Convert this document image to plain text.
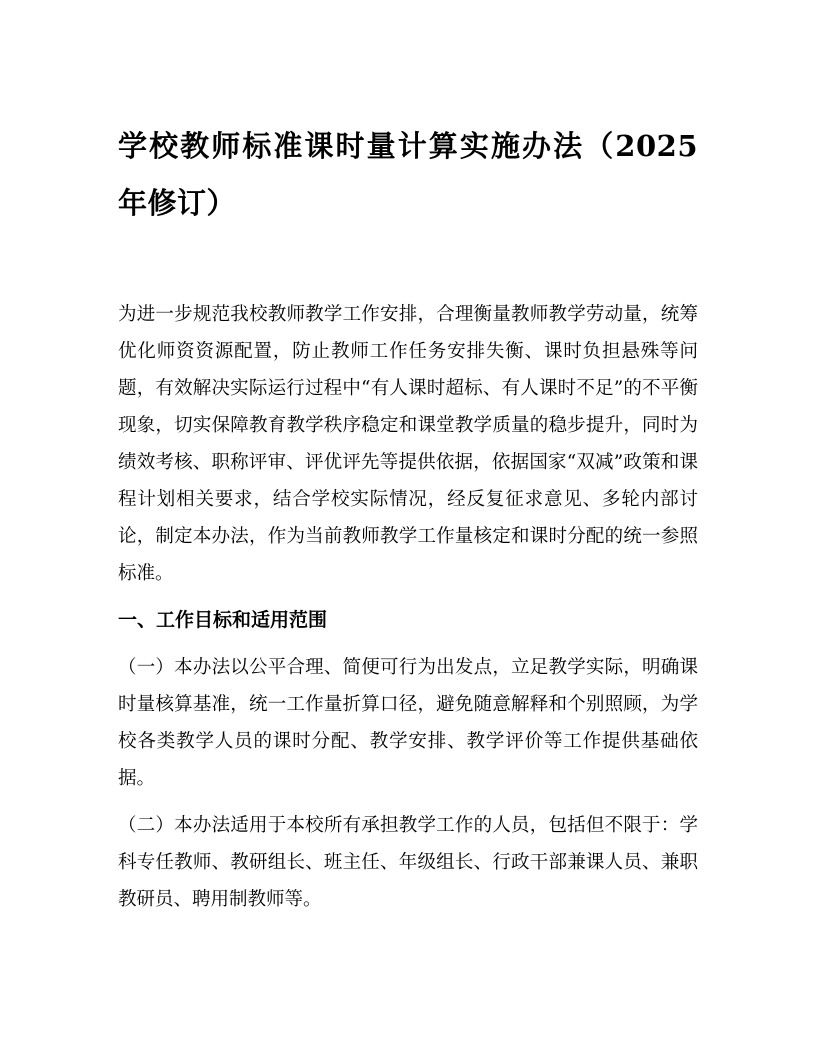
学校教师标准课时量计算实施办法（2025 年修订）

为进一步规范我校教师教学工作安排，合理衡量教师教学劳动量，统筹优化师资资源配置，防止教师工作任务安排失衡、课时负担悬殊等问题，有效解决实际运行过程中“有人课时超标、有人课时不足”的不平衡现象，切实保障教育教学秩序稳定和课堂教学质量的稳步提升，同时为绩效考核、职称评审、评优评先等提供依据，依据国家“双减”政策和课程计划相关要求，结合学校实际情况，经反复征求意见、多轮内部讨论，制定本办法，作为当前教师教学工作量核定和课时分配的统一参照标准。

一、工作目标和适用范围

（一）本办法以公平合理、简便可行为出发点，立足教学实际，明确课时量核算基准，统一工作量折算口径，避免随意解释和个别照顾，为学校各类教学人员的课时分配、教学安排、教学评价等工作提供基础依据。

（二）本办法适用于本校所有承担教学工作的人员，包括但不限于：学科专任教师、教研组长、班主任、年级组长、行政干部兼课人员、兼职教研员、聘用制教师等。
